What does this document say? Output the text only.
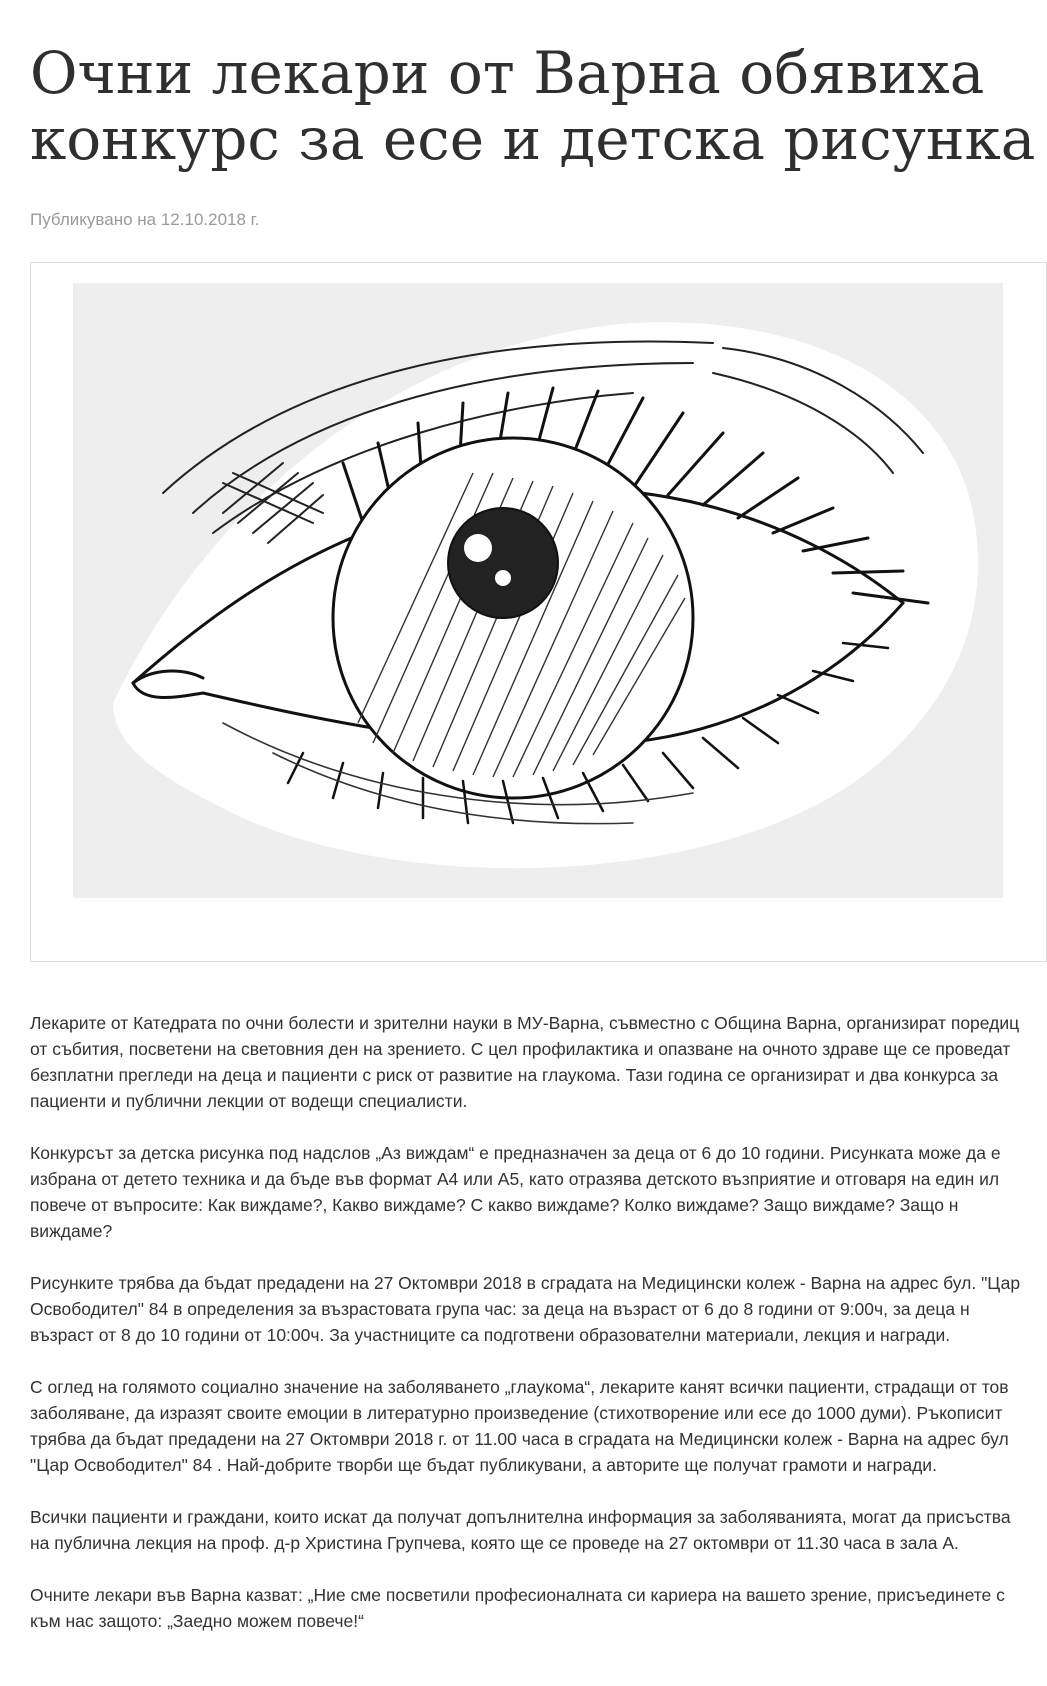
Очни лекари от Варна обявиха
конкурс за есе и детска рисунка
Публикувано на 12.10.2018 г.

Лекарите от Катедрата по очни болести и зрителни науки в МУ-Варна, съвместно с Община Варна, организират поредиц
от събития, посветени на световния ден на зрението. С цел профилактика и опазване на очното здраве ще се проведат
безплатни прегледи на деца и пациенти с риск от развитие на глаукома. Тази година се организират и два конкурса за
пациенти и публични лекции от водещи специалисти.

Конкурсът за детска рисунка под надслов „Аз виждам“ е предназначен за деца от 6 до 10 години. Рисунката може да е
избрана от детето техника и да бъде във формат А4 или А5, като отразява детското възприятие и отговаря на един ил
повече от въпросите: Как виждаме?, Какво виждаме? С какво виждаме? Колко виждаме? Защо виждаме? Защо н
виждаме?

Рисунките трябва да бъдат предадени на 27 Октомври 2018 в сградата на Медицински колеж - Варна на адрес бул. "Цар
Освободител" 84 в определения за възрастовата група час: за деца на възраст от 6 до 8 години от 9:00ч, за деца н
възраст от 8 до 10 години от 10:00ч. За участниците са подготвени образователни материали, лекция и награди.

С оглед на голямото социално значение на заболяването „глаукома“, лекарите канят всички пациенти, страдащи от тов
заболяване, да изразят своите емоции в литературно произведение (стихотворение или есе до 1000 думи). Ръкописит
трябва да бъдат предадени на 27 Октомври 2018 г. от 11.00 часа в сградата на Медицински колеж - Варна на адрес бул
"Цар Освободител" 84 . Най-добрите творби ще бъдат публикувани, а авторите ще получат грамоти и награди.

Всички пациенти и граждани, които искат да получат допълнителна информация за заболяванията, могат да присъства
на публична лекция на проф. д-р Христина Групчева, която ще се проведе на 27 октомври от 11.30 часа в зала А.

Очните лекари във Варна казват: „Ние сме посветили професионалната си кариера на вашето зрение, присъединете с
към нас защото: „Заедно можем повече!“
